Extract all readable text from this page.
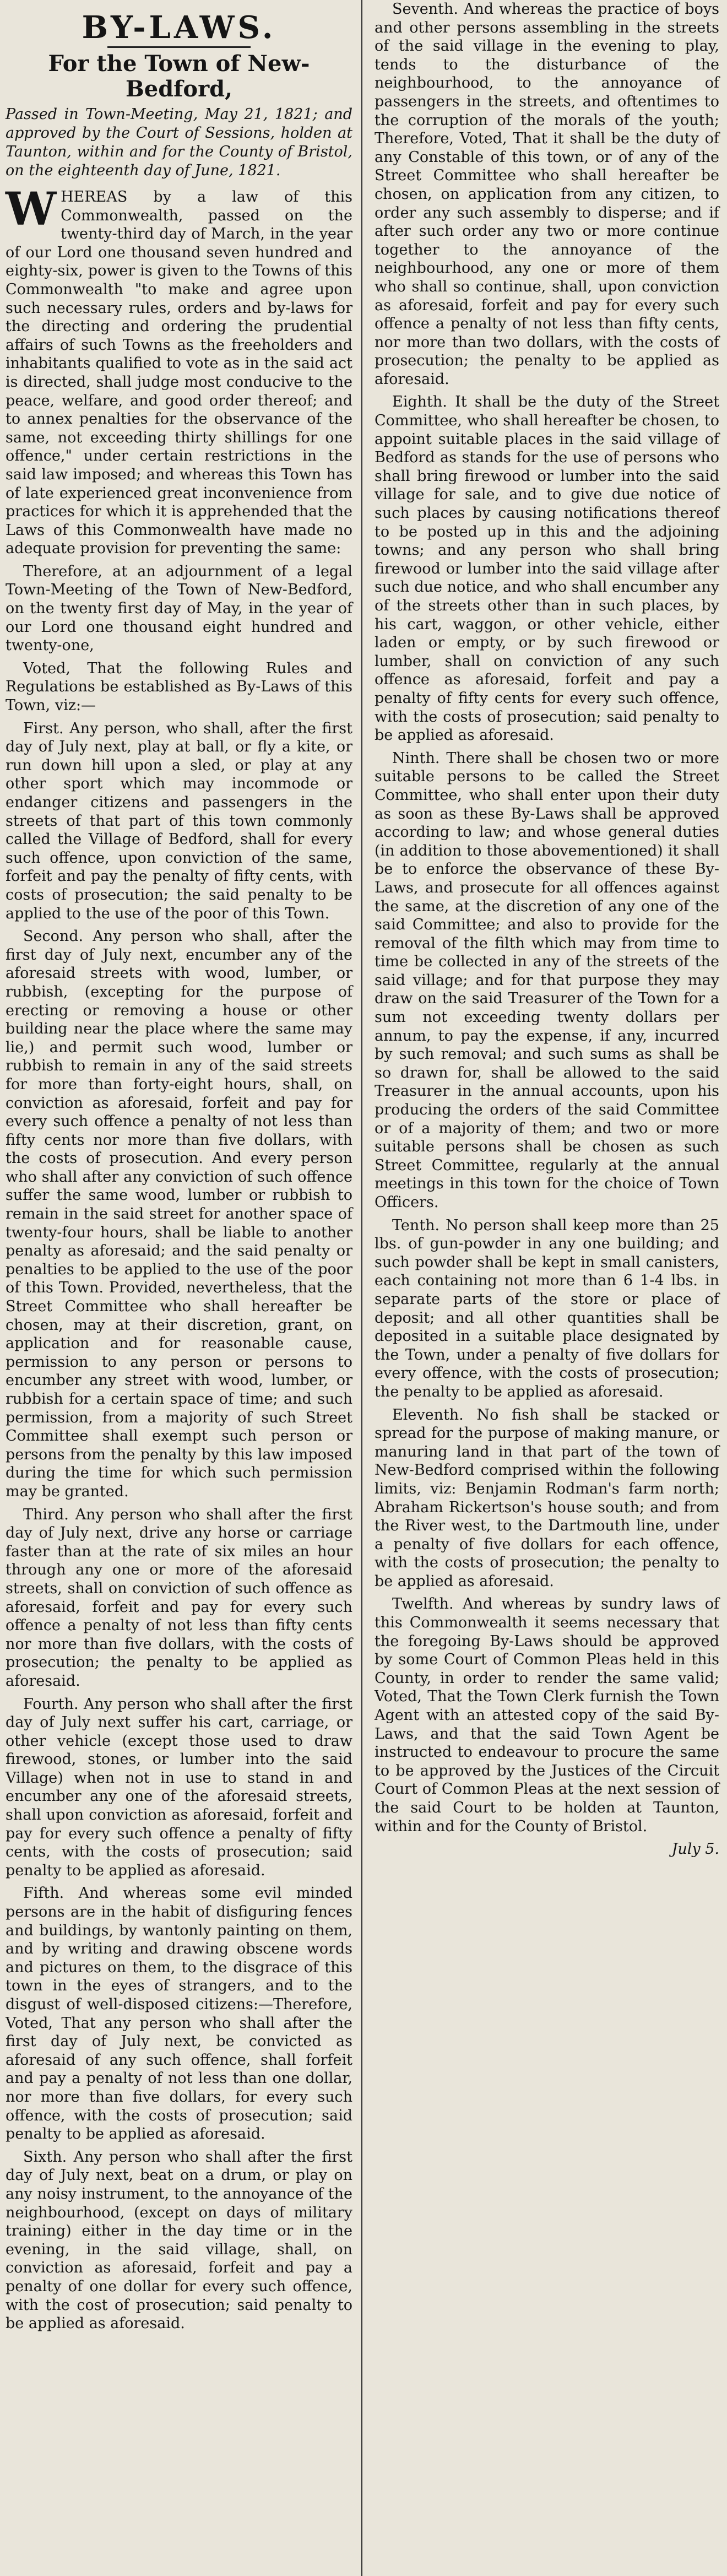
BY-LAWS.
For the Town of New-Bedford,
Passed in Town-Meeting, May 21, 1821; and approved by the Court of Sessions, holden at Taunton, within and for the County of Bristol, on the eighteenth day of June, 1821.

WHEREAS by a law of this Commonwealth, passed on the twenty-third day of March, in the year of our Lord one thousand seven hundred and eighty-six, power is given to the Towns of this Commonwealth "to make and agree upon such necessary rules, orders and by-laws for the directing and ordering the prudential affairs of such Towns as the freeholders and inhabitants qualified to vote as in the said act is directed, shall judge most conducive to the peace, welfare, and good order thereof; and to annex penalties for the observance of the same, not exceeding thirty shillings for one offence," under certain restrictions in the said law imposed; and whereas this Town has of late experienced great inconvenience from practices for which it is apprehended that the Laws of this Commonwealth have made no adequate provision for preventing the same:

Therefore, at an adjournment of a legal Town-Meeting of the Town of New-Bedford, on the twenty first day of May, in the year of our Lord one thousand eight hundred and twenty-one,

Voted, That the following Rules and Regulations be established as By-Laws of this Town, viz:—

First. Any person, who shall, after the first day of July next, play at ball, or fly a kite, or run down hill upon a sled, or play at any other sport which may incommode or endanger citizens and passengers in the streets of that part of this town commonly called the Village of Bedford, shall for every such offence, upon conviction of the same, forfeit and pay the penalty of fifty cents, with costs of prosecution; the said penalty to be applied to the use of the poor of this Town.

Second. Any person who shall, after the first day of July next, encumber any of the aforesaid streets with wood, lumber, or rubbish, (excepting for the purpose of erecting or removing a house or other building near the place where the same may lie,) and permit such wood, lumber or rubbish to remain in any of the said streets for more than forty-eight hours, shall, on conviction as aforesaid, forfeit and pay for every such offence a penalty of not less than fifty cents nor more than five dollars, with the costs of prosecution. And every person who shall after any conviction of such offence suffer the same wood, lumber or rubbish to remain in the said street for another space of twenty-four hours, shall be liable to another penalty as aforesaid; and the said penalty or penalties to be applied to the use of the poor of this Town. Provided, nevertheless, that the Street Committee who shall hereafter be chosen, may at their discretion, grant, on application and for reasonable cause, permission to any person or persons to encumber any street with wood, lumber, or rubbish for a certain space of time; and such permission, from a majority of such Street Committee shall exempt such person or persons from the penalty by this law imposed during the time for which such permission may be granted.

Third. Any person who shall after the first day of July next, drive any horse or carriage faster than at the rate of six miles an hour through any one or more of the aforesaid streets, shall on conviction of such offence as aforesaid, forfeit and pay for every such offence a penalty of not less than fifty cents nor more than five dollars, with the costs of prosecution; the penalty to be applied as aforesaid.

Fourth. Any person who shall after the first day of July next suffer his cart, carriage, or other vehicle (except those used to draw firewood, stones, or lumber into the said Village) when not in use to stand in and encumber any one of the aforesaid streets, shall upon conviction as aforesaid, forfeit and pay for every such offence a penalty of fifty cents, with the costs of prosecution; said penalty to be applied as aforesaid.

Fifth. And whereas some evil minded persons are in the habit of disfiguring fences and buildings, by wantonly painting on them, and by writing and drawing obscene words and pictures on them, to the disgrace of this town in the eyes of strangers, and to the disgust of well-disposed citizens:—Therefore, Voted, That any person who shall after the first day of July next, be convicted as aforesaid of any such offence, shall forfeit and pay a penalty of not less than one dollar, nor more than five dollars, for every such offence, with the costs of prosecution; said penalty to be applied as aforesaid.

Sixth. Any person who shall after the first day of July next, beat on a drum, or play on any noisy instrument, to the annoyance of the neighbourhood, (except on days of military training) either in the day time or in the evening, in the said village, shall, on conviction as aforesaid, forfeit and pay a penalty of one dollar for every such offence, with the cost of prosecution; said penalty to be applied as aforesaid.

Seventh. And whereas the practice of boys and other persons assembling in the streets of the said village in the evening to play, tends to the disturbance of the neighbourhood, to the annoyance of passengers in the streets, and oftentimes to the corruption of the morals of the youth; Therefore, Voted, That it shall be the duty of any Constable of this town, or of any of the Street Committee who shall hereafter be chosen, on application from any citizen, to order any such assembly to disperse; and if after such order any two or more continue together to the annoyance of the neighbourhood, any one or more of them who shall so continue, shall, upon conviction as aforesaid, forfeit and pay for every such offence a penalty of not less than fifty cents, nor more than two dollars, with the costs of prosecution; the penalty to be applied as aforesaid.

Eighth. It shall be the duty of the Street Committee, who shall hereafter be chosen, to appoint suitable places in the said village of Bedford as stands for the use of persons who shall bring firewood or lumber into the said village for sale, and to give due notice of such places by causing notifications thereof to be posted up in this and the adjoining towns; and any person who shall bring firewood or lumber into the said village after such due notice, and who shall encumber any of the streets other than in such places, by his cart, waggon, or other vehicle, either laden or empty, or by such firewood or lumber, shall on conviction of any such offence as aforesaid, forfeit and pay a penalty of fifty cents for every such offence, with the costs of prosecution; said penalty to be applied as aforesaid.

Ninth. There shall be chosen two or more suitable persons to be called the Street Committee, who shall enter upon their duty as soon as these By-Laws shall be approved according to law; and whose general duties (in addition to those abovementioned) it shall be to enforce the observance of these By-Laws, and prosecute for all offences against the same, at the discretion of any one of the said Committee; and also to provide for the removal of the filth which may from time to time be collected in any of the streets of the said village; and for that purpose they may draw on the said Treasurer of the Town for a sum not exceeding twenty dollars per annum, to pay the expense, if any, incurred by such removal; and such sums as shall be so drawn for, shall be allowed to the said Treasurer in the annual accounts, upon his producing the orders of the said Committee or of a majority of them; and two or more suitable persons shall be chosen as such Street Committee, regularly at the annual meetings in this town for the choice of Town Officers.

Tenth. No person shall keep more than 25 lbs. of gun-powder in any one building; and such powder shall be kept in small canisters, each containing not more than 6 1-4 lbs. in separate parts of the store or place of deposit; and all other quantities shall be deposited in a suitable place designated by the Town, under a penalty of five dollars for every offence, with the costs of prosecution; the penalty to be applied as aforesaid.

Eleventh. No fish shall be stacked or spread for the purpose of making manure, or manuring land in that part of the town of New-Bedford comprised within the following limits, viz: Benjamin Rodman's farm north; Abraham Rickertson's house south; and from the River west, to the Dartmouth line, under a penalty of five dollars for each offence, with the costs of prosecution; the penalty to be applied as aforesaid.

Twelfth. And whereas by sundry laws of this Commonwealth it seems necessary that the foregoing By-Laws should be approved by some Court of Common Pleas held in this County, in order to render the same valid; Voted, That the Town Clerk furnish the Town Agent with an attested copy of the said By-Laws, and that the said Town Agent be instructed to endeavour to procure the same to be approved by the Justices of the Circuit Court of Common Pleas at the next session of the said Court to be holden at Taunton, within and for the County of Bristol.

July 5.
